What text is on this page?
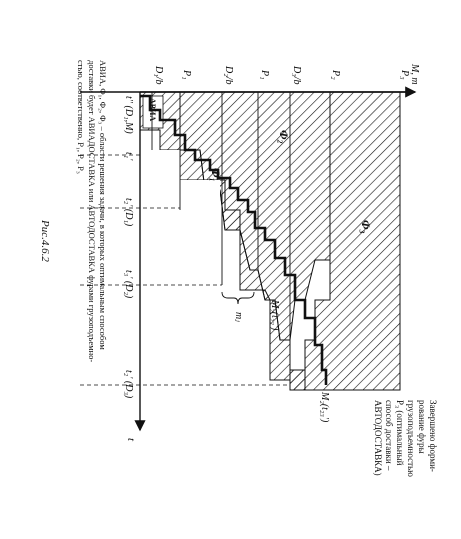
M, m
t
P₃
P₂
D₃/b
P₁
D₂/b
P₁
D₁/b
t'' (D₁,M)
t₁'
t₂' (D₁)
t₃' (D₂)
t₂' (D₃)
АВИА
Φ₁
Φ₂
Φ₃
M₂(t₂₂')
M₂(t₂₃')
mⱼ
Завершено форми-
рование фуры
грузоподъемностью
P₃ (оптимальный
способ доставки –
АВТОДОСТАВКА)
АВИА, Φ₁, Φ₂, Φ₃ – области решения задачи, в которых оптимальным способом
доставки будет АВИАДОСТАВКА или АВТОДОСТАВКА фурами грузоподъемно-
стью, соответственно, P₁, P₂, P₃
Рис.4.6.2
